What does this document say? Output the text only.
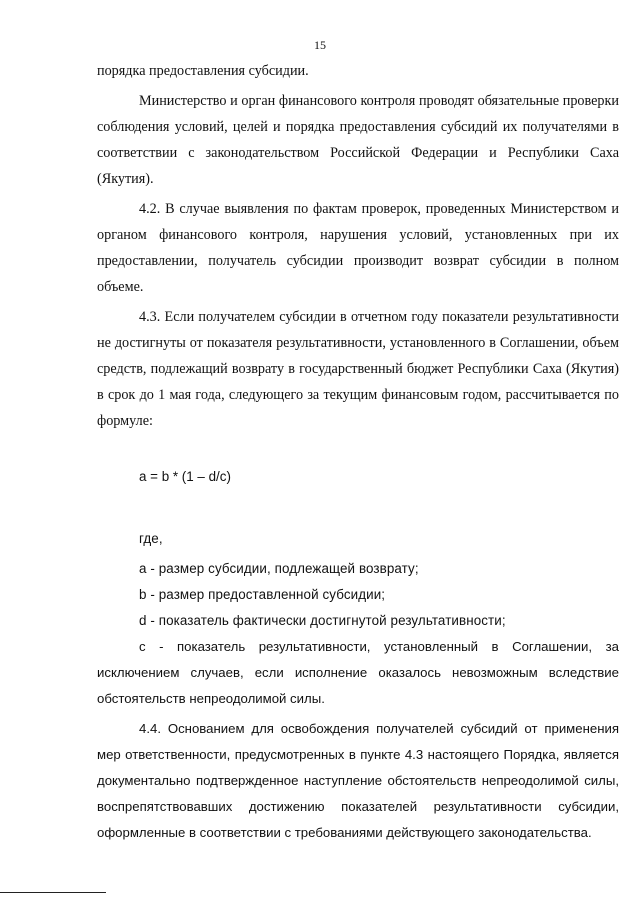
15

порядка предоставления субсидии.

Министерство и орган финансового контроля проводят обязательные проверки соблюдения условий, целей и порядка предоставления субсидий их получателями в соответствии с законодательством Российской Федерации и Республики Саха (Якутия).

4.2. В случае выявления по фактам проверок, проведенных Министерством и органом финансового контроля, нарушения условий, установленных при их предоставлении, получатель субсидии производит возврат субсидии в полном объеме.

4.3. Если получателем субсидии в отчетном году показатели результативности не достигнуты от показателя результативности, установленного в Соглашении, объем средств, подлежащий возврату в государственный бюджет Республики Саха (Якутия) в срок до 1 мая года, следующего за текущим финансовым годом, рассчитывается по формуле:

a = b * (1 – d/c)

где,

a - размер субсидии, подлежащей возврату;

b - размер предоставленной субсидии;

d - показатель фактически достигнутой результативности;

c - показатель результативности, установленный в Соглашении, за исключением случаев, если исполнение оказалось невозможным вследствие обстоятельств непреодолимой силы.

4.4. Основанием для освобождения получателей субсидий от применения мер ответственности, предусмотренных в пункте 4.3 настоящего Порядка, является документально подтвержденное наступление обстоятельств непреодолимой силы, воспрепятствовавших достижению показателей результативности субсидии, оформленные в соответствии с требованиями действующего законодательства.
